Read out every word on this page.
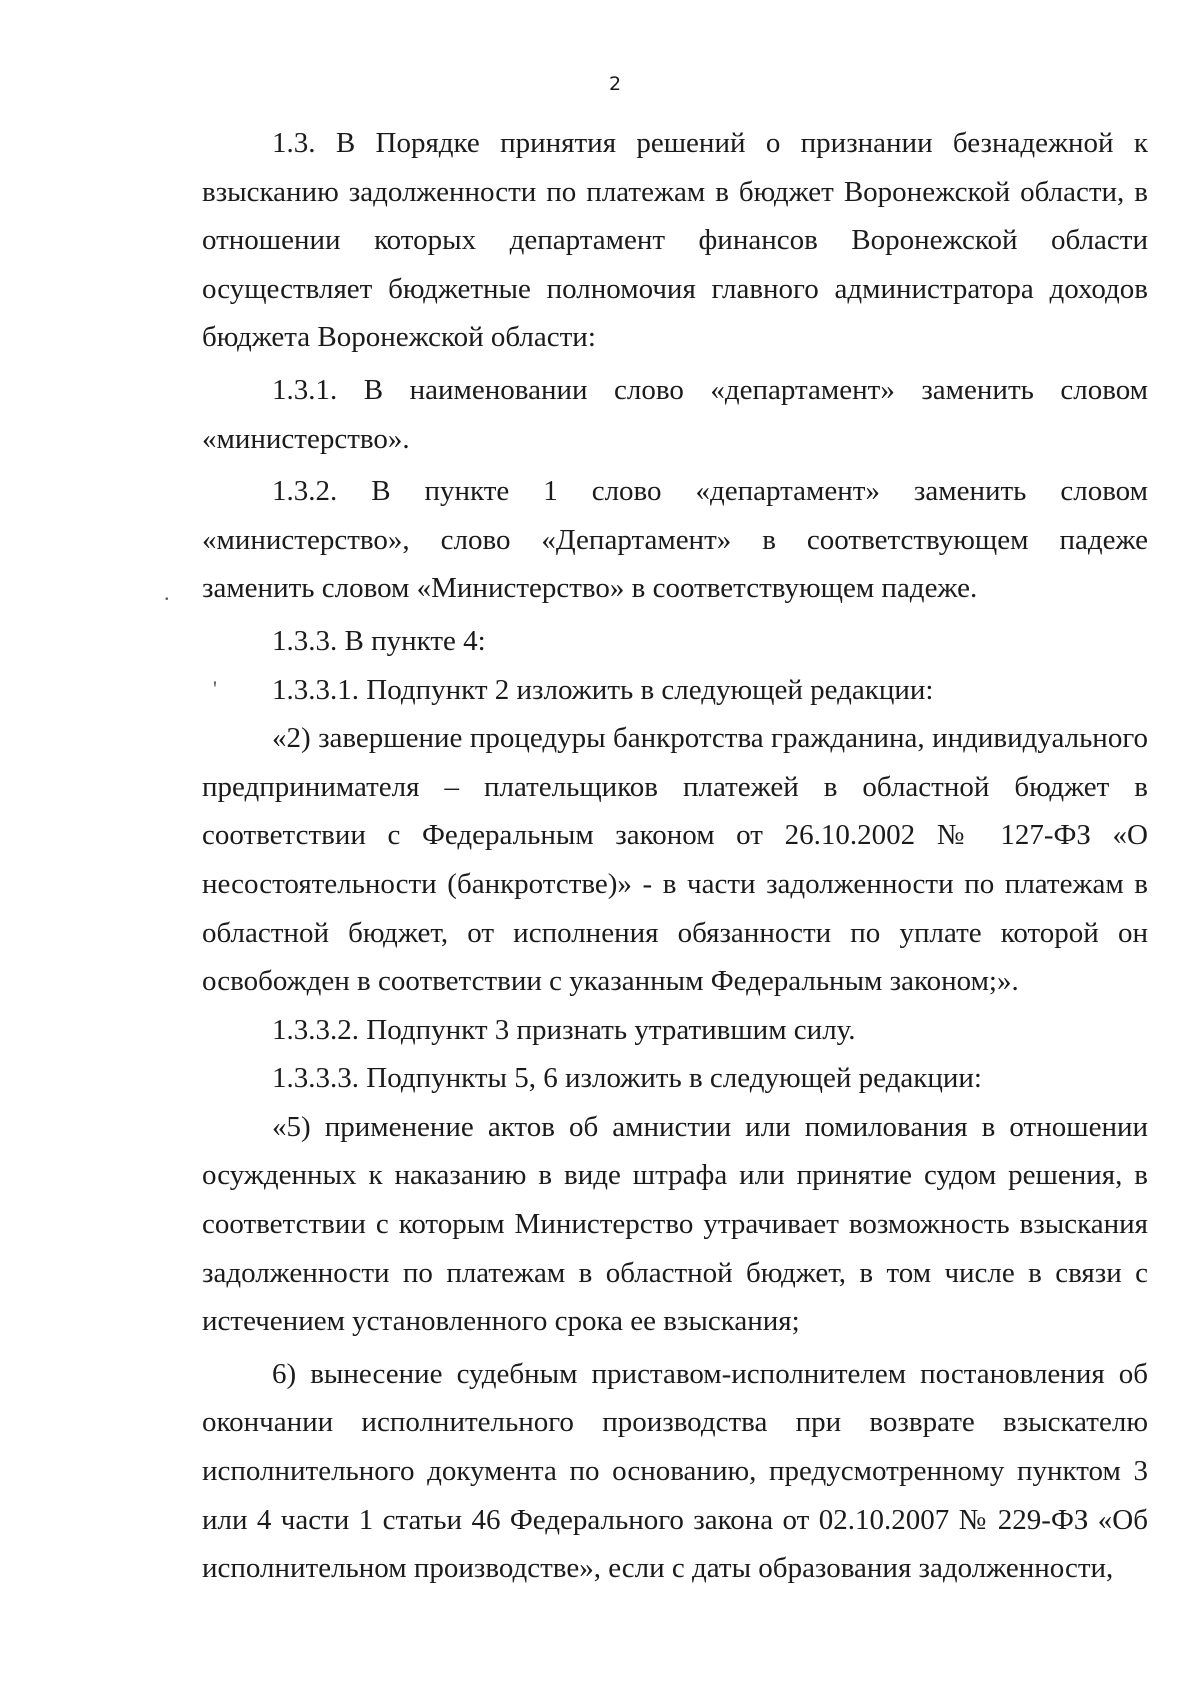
2

1.3. В Порядке принятия решений о признании безнадежной к взысканию задолженности по платежам в бюджет Воронежской области, в отношении которых департамент финансов Воронежской области осуществляет бюджетные полномочия главного администратора доходов бюджета Воронежской области:

1.3.1. В наименовании слово «департамент» заменить словом «министерство».

1.3.2. В пункте 1 слово «департамент» заменить словом «министерство», слово «Департамент» в соответствующем падеже заменить словом «Министерство» в соответствующем падеже.

1.3.3. В пункте 4:

1.3.3.1. Подпункт 2 изложить в следующей редакции:

«2) завершение процедуры банкротства гражданина, индивидуального предпринимателя – плательщиков платежей в областной бюджет в соответствии с Федеральным законом от 26.10.2002 № 127-ФЗ «О несостоятельности (банкротстве)» - в части задолженности по платежам в областной бюджет, от исполнения обязанности по уплате которой он освобожден в соответствии с указанным Федеральным законом;».

1.3.3.2. Подпункт 3 признать утратившим силу.

1.3.3.3. Подпункты 5, 6 изложить в следующей редакции:

«5) применение актов об амнистии или помилования в отношении осужденных к наказанию в виде штрафа или принятие судом решения, в соответствии с которым Министерство утрачивает возможность взыскания задолженности по платежам в областной бюджет, в том числе в связи с истечением установленного срока ее взыскания;

6) вынесение судебным приставом-исполнителем постановления об окончании исполнительного производства при возврате взыскателю исполнительного документа по основанию, предусмотренному пунктом 3 или 4 части 1 статьи 46 Федерального закона от 02.10.2007 № 229-ФЗ «Об исполнительном производстве», если с даты образования задолженности,

.
'
